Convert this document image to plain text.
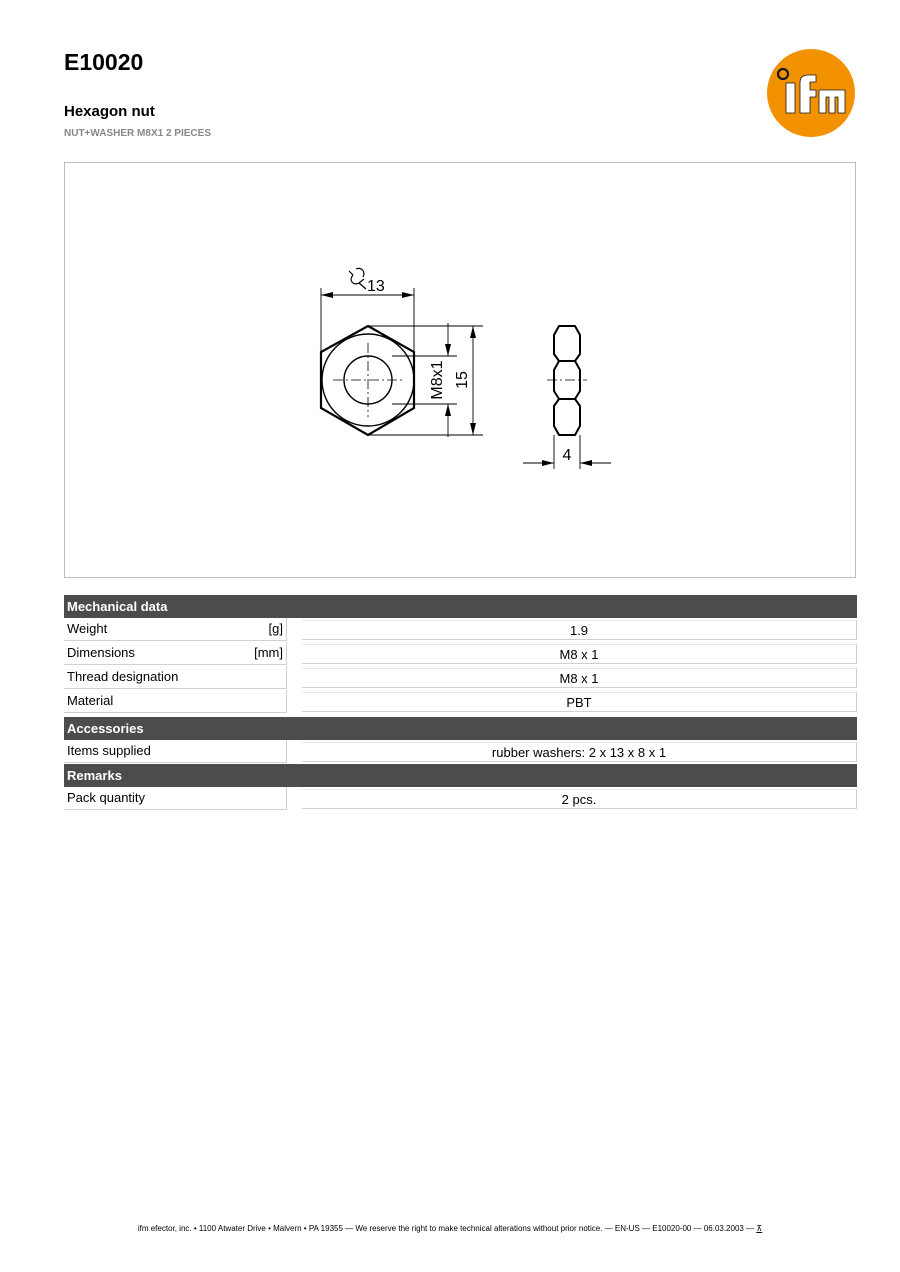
E10020
Hexagon nut
NUT+WASHER M8X1 2 PIECES
13
M8x1 15
4
Mechanical data
Weight	[g]	1.9
Dimensions	[mm]	M8 x 1
Thread designation	M8 x 1
Material	PBT
Accessories
Items supplied	rubber washers: 2 x 13 x 8 x 1
Remarks
Pack quantity	2 pcs.
ifm efector, inc. • 1100 Atwater Drive • Malvern • PA 19355 — We reserve the right to make technical alterations without prior notice. — EN-US — E10020-00 — 06.03.2003 — ⊼
